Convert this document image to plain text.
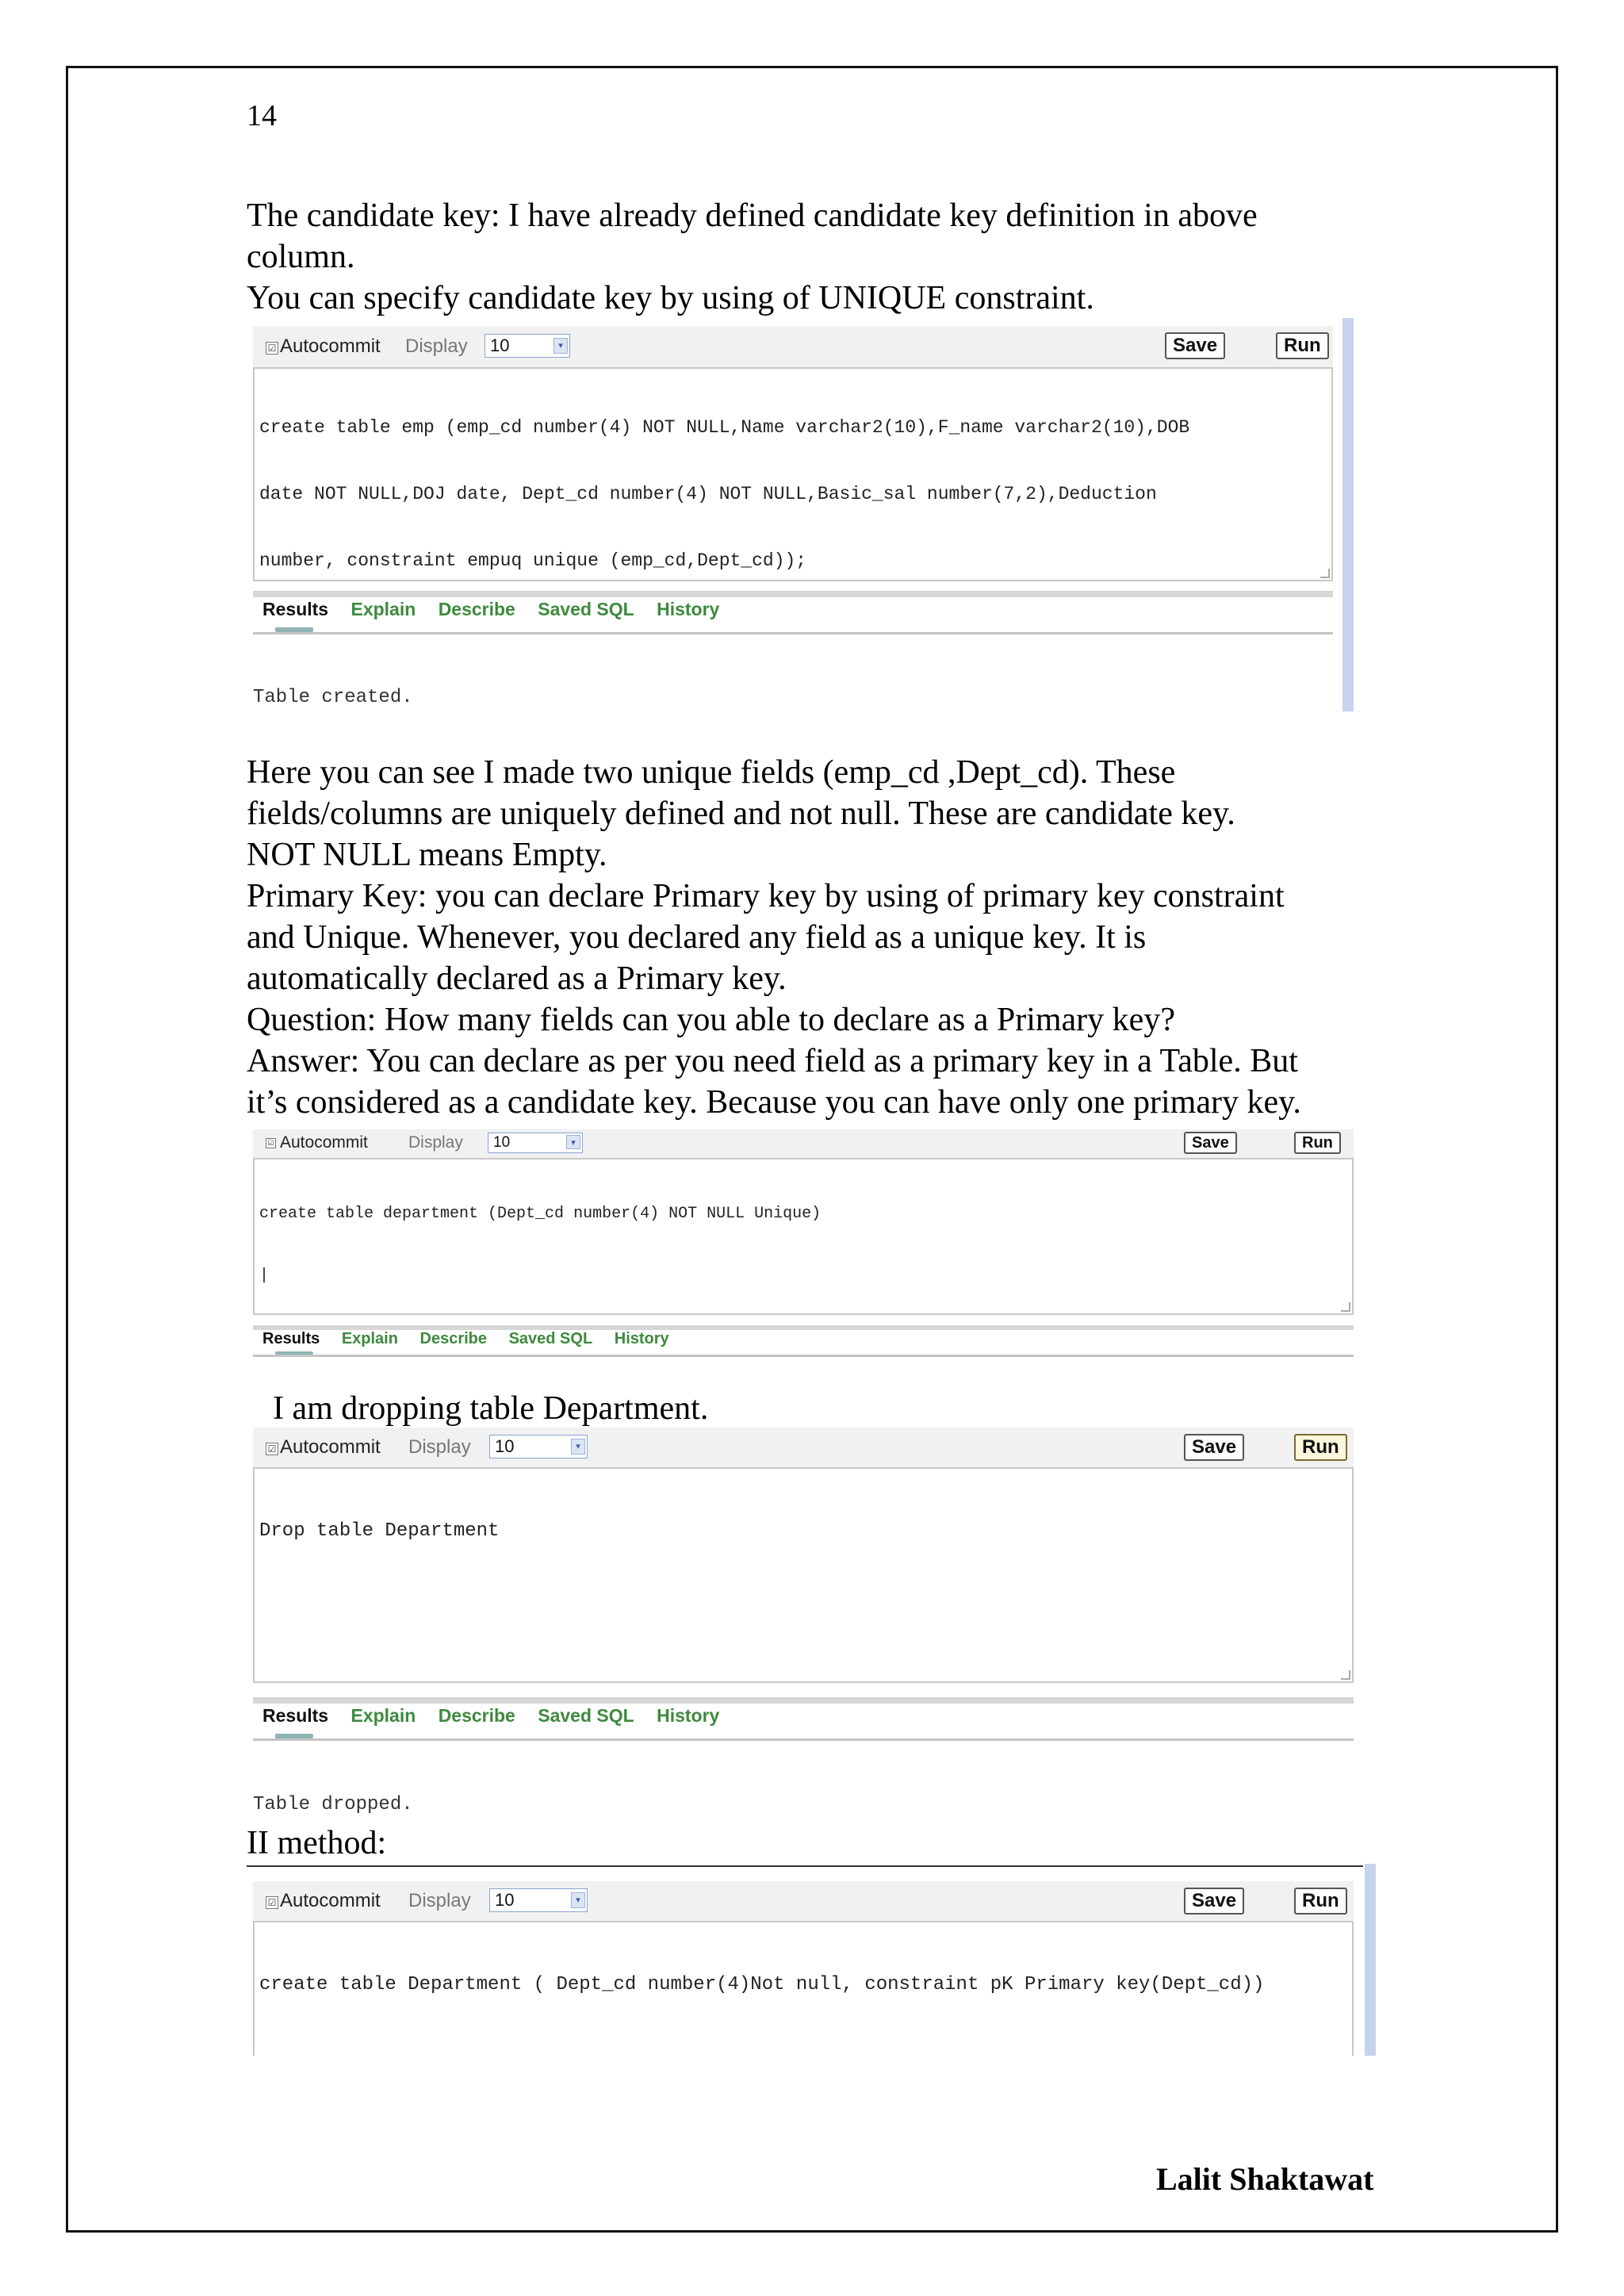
14
The candidate key: I have already defined candidate key definition in above
column.
You can specify candidate key by using of UNIQUE constraint.
☑ Autocommit Display	10	▾	Save	Run

create table emp (emp_cd number(4) NOT NULL,Name varchar2(10),F_name varchar2(10),DOB

date NOT NULL,DOJ date, Dept_cd number(4) NOT NULL,Basic_sal number(7,2),Deduction

number, constraint empuq unique (emp_cd,Dept_cd));

Results Explain Describe Saved SQL History
Table created.
Here you can see I made two unique fields (emp_cd ,Dept_cd). These
fields/columns are uniquely defined and not null. These are candidate key.
NOT NULL means Empty.
Primary Key: you can declare Primary key by using of primary key constraint
and Unique. Whenever, you declared any field as a unique key. It is
automatically declared as a Primary key.
Question: How many fields can you able to declare as a Primary key?
Answer: You can declare as per you need field as a primary key in a Table. But
it’s considered as a candidate key. Because you can have only one primary key.
☑ Autocommit Display	10	▾	Save	Run

create table department (Dept_cd number(4) NOT NULL Unique)

|

Results Explain Describe Saved SQL History
I am dropping table Department.
☑ Autocommit Display	10	▾	Save	Run

Drop table Department

Results Explain Describe Saved SQL History
Table dropped.
II method:
☑ Autocommit Display	10	▾	Save	Run

create table Department ( Dept_cd number(4)Not null, constraint pK Primary key(Dept_cd))

Lalit Shaktawat
